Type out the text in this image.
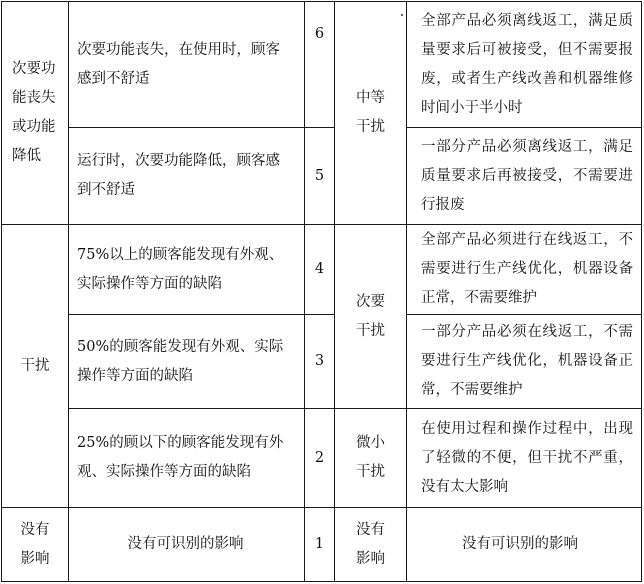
次要功能丧失或功能降低	次要功能丧失，在使用时，顾客感到不舒适	6	中等干扰	全部产品必须离线返工，满足质量要求后可被接受，但不需要报废，或者生产线改善和机器维修时间小于半小时
	运行时，次要功能降低，顾客感到不舒适	5		一部分产品必须离线返工，满足质量要求后再被接受，不需要进行报废
干扰	75%以上的顾客能发现有外观、实际操作等方面的缺陷	4	次要干扰	全部产品必须进行在线返工，不需要进行生产线优化，机器设备正常，不需要维护
	50%的顾客能发现有外观、实际操作等方面的缺陷	3		一部分产品必须在线返工，不需要进行生产线优化，机器设备正常，不需要维护
	25%的顾以下的顾客能发现有外观、实际操作等方面的缺陷	2	微小干扰	在使用过程和操作过程中，出现了轻微的不便，但干扰不严重，没有太大影响
没有影响	没有可识别的影响	1	没有影响	没有可识别的影响
